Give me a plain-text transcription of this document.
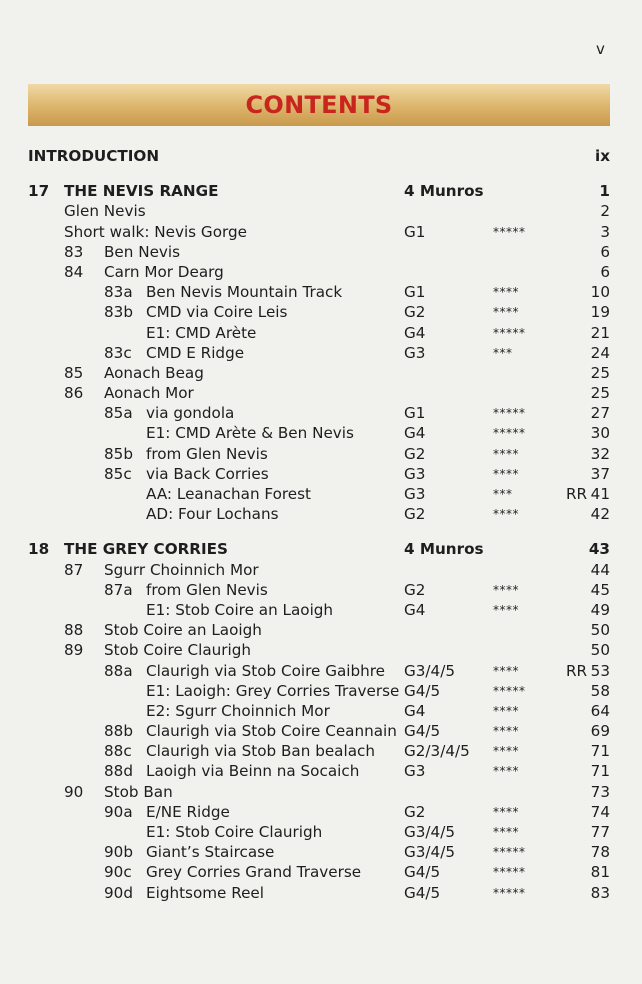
v
CONTENTS
INTRODUCTION	ix
17 THE NEVIS RANGE	4 Munros	1
Glen Nevis	2
Short walk: Nevis Gorge	G1	*****	3
83 Ben Nevis	6
84 Carn Mor Dearg	6
83a Ben Nevis Mountain Track	G1	****	10
83b CMD via Coire Leis	G2	****	19
E1: CMD Arète	G4	*****	21
83c CMD E Ridge	G3	***	24
85 Aonach Beag	25
86 Aonach Mor	25
85a via gondola	G1	*****	27
E1: CMD Arète & Ben Nevis	G4	*****	30
85b from Glen Nevis	G2	****	32
85c via Back Corries	G3	****	37
AA: Leanachan Forest	G3	***	RR 41
AD: Four Lochans	G2	****	42
18 THE GREY CORRIES	4 Munros	43
87 Sgurr Choinnich Mor	44
87a from Glen Nevis	G2	****	45
E1: Stob Coire an Laoigh	G4	****	49
88 Stob Coire an Laoigh	50
89 Stob Coire Claurigh	50
88a Claurigh via Stob Coire Gaibhre G3/4/5	****	RR 53
E1: Laoigh: Grey Corries Traverse G4/5	*****	58
E2: Sgurr Choinnich Mor	G4	****	64
88b Claurigh via Stob Coire Ceannain G4/5	****	69
88c Claurigh via Stob Ban bealach G2/3/4/5 ****	71
88d Laoigh via Beinn na Socaich	G3	****	71
90 Stob Ban	73
90a E/NE Ridge	G2	****	74
E1: Stob Coire Claurigh	G3/4/5	****	77
90b Giant’s Staircase	G3/4/5	*****	78
90c Grey Corries Grand Traverse	G4/5	*****	81
90d Eightsome Reel	G4/5	*****	83
